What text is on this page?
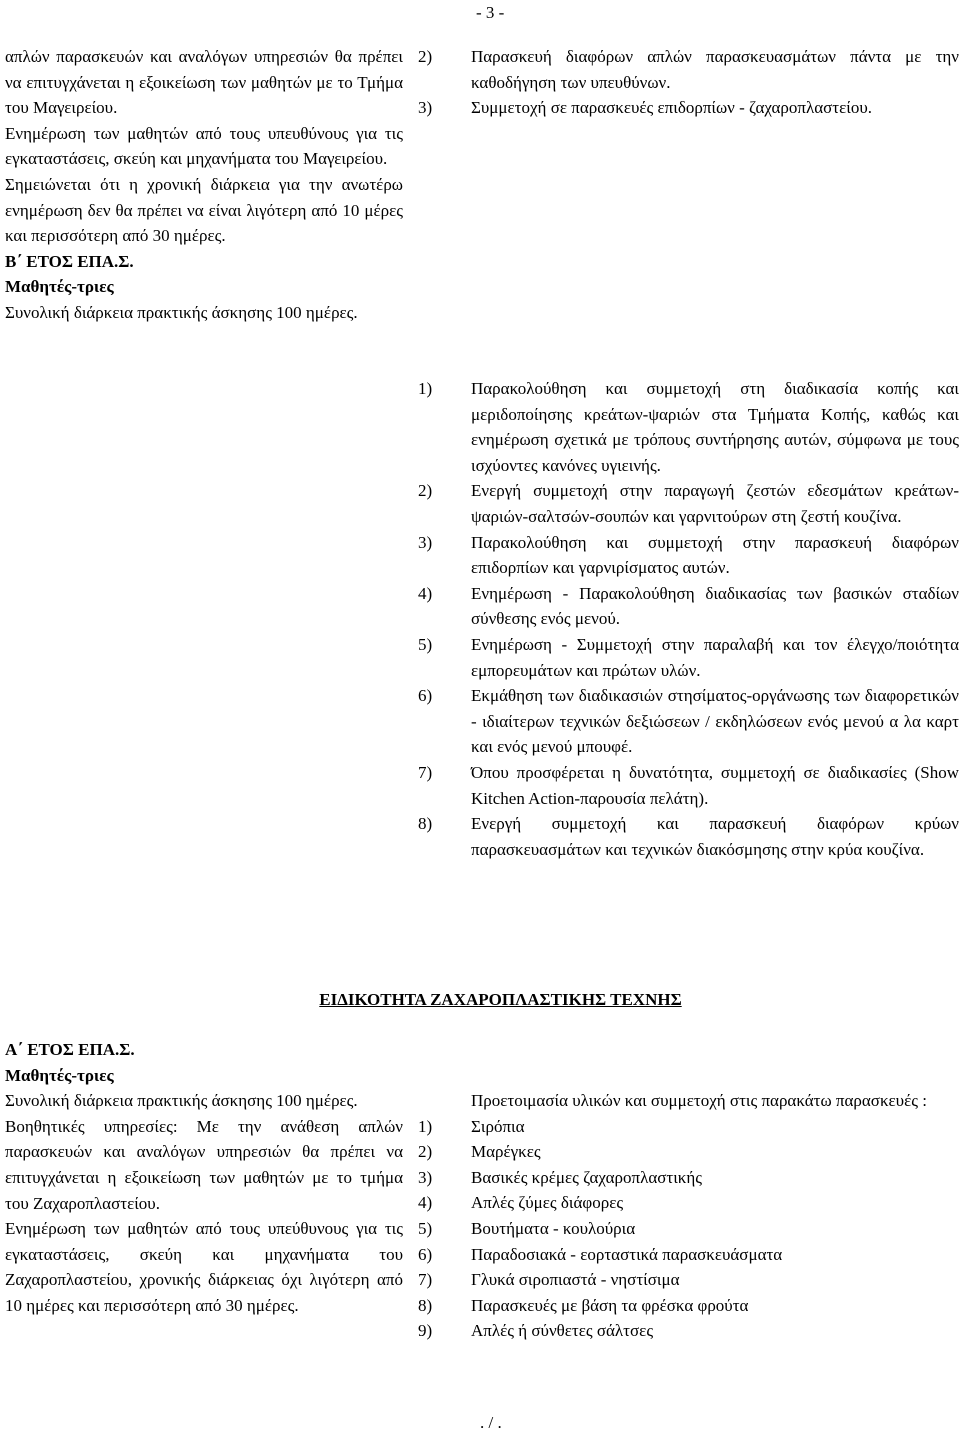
- 3 -
απλών παρασκευών και αναλόγων υπηρεσιών θα πρέπει να επιτυγχάνεται η εξοικείωση των μαθητών με το Τμήμα του Μαγειρείου.
Ενημέρωση των μαθητών από τους υπευθύνους για τις εγκαταστάσεις, σκεύη και μηχανήματα του Μαγειρείου.
Σημειώνεται ότι η χρονική διάρκεια για την ανωτέρω ενημέρωση δεν θα πρέπει να είναι λιγότερη από 10 μέρες και περισσότερη από 30 ημέρες.
Β΄ ΕΤΟΣ ΕΠΑ.Σ.
Μαθητές-τριες
Συνολική διάρκεια πρακτικής άσκησης 100 ημέρες.
2) Παρασκευή διαφόρων απλών παρασκευασμάτων πάντα με την καθοδήγηση των υπευθύνων.
3) Συμμετοχή σε παρασκευές επιδορπίων - ζαχαροπλαστείου.
1) Παρακολούθηση και συμμετοχή στη διαδικασία κοπής και μεριδοποίησης κρεάτων-ψαριών στα Τμήματα Κοπής, καθώς και ενημέρωση σχετικά με τρόπους συντήρησης αυτών, σύμφωνα με τους ισχύοντες κανόνες υγιεινής.
2) Ενεργή συμμετοχή στην παραγωγή ζεστών εδεσμάτων κρεάτων-ψαριών-σαλτσών-σουπών και γαρνιτούρων στη ζεστή κουζίνα.
3) Παρακολούθηση και συμμετοχή στην παρασκευή διαφόρων επιδορπίων και γαρνιρίσματος αυτών.
4) Ενημέρωση - Παρακολούθηση διαδικασίας των βασικών σταδίων σύνθεσης ενός μενού.
5) Ενημέρωση - Συμμετοχή στην παραλαβή και τον έλεγχο/ποιότητα εμπορευμάτων και πρώτων υλών.
6) Εκμάθηση των διαδικασιών στησίματος-οργάνωσης των διαφορετικών - ιδιαίτερων τεχνικών δεξιώσεων / εκδηλώσεων ενός μενού α λα καρτ και ενός μενού μπουφέ.
7) Όπου προσφέρεται η δυνατότητα, συμμετοχή σε διαδικασίες (Show Kitchen Action-παρουσία πελάτη).
8) Ενεργή συμμετοχή και παρασκευή διαφόρων κρύων παρασκευασμάτων και τεχνικών διακόσμησης στην κρύα κουζίνα.
ΕΙΔΙΚΟΤΗΤΑ ΖΑΧΑΡΟΠΛΑΣΤΙΚΗΣ ΤΕΧΝΗΣ
Α΄ ΕΤΟΣ ΕΠΑ.Σ.
Μαθητές-τριες
Συνολική διάρκεια πρακτικής άσκησης 100 ημέρες.
Βοηθητικές υπηρεσίες: Με την ανάθεση απλών παρασκευών και αναλόγων υπηρεσιών θα πρέπει να επιτυγχάνεται η εξοικείωση των μαθητών με το τμήμα του Ζαχαροπλαστείου.
Ενημέρωση των μαθητών από τους υπεύθυνους για τις εγκαταστάσεις, σκεύη και μηχανήματα του Ζαχαροπλαστείου, χρονικής διάρκειας όχι λιγότερη από 10 ημέρες και περισσότερη από 30 ημέρες.
Προετοιμασία υλικών και συμμετοχή στις παρακάτω παρασκευές :
1) Σιρόπια
2) Μαρέγκες
3) Βασικές κρέμες ζαχαροπλαστικής
4) Απλές ζύμες διάφορες
5) Βουτήματα - κουλούρια
6) Παραδοσιακά - εορταστικά παρασκευάσματα
7) Γλυκά σιροπιαστά - νηστίσιμα
8) Παρασκευές με βάση τα φρέσκα φρούτα
9) Απλές ή σύνθετες σάλτσες
. / .
